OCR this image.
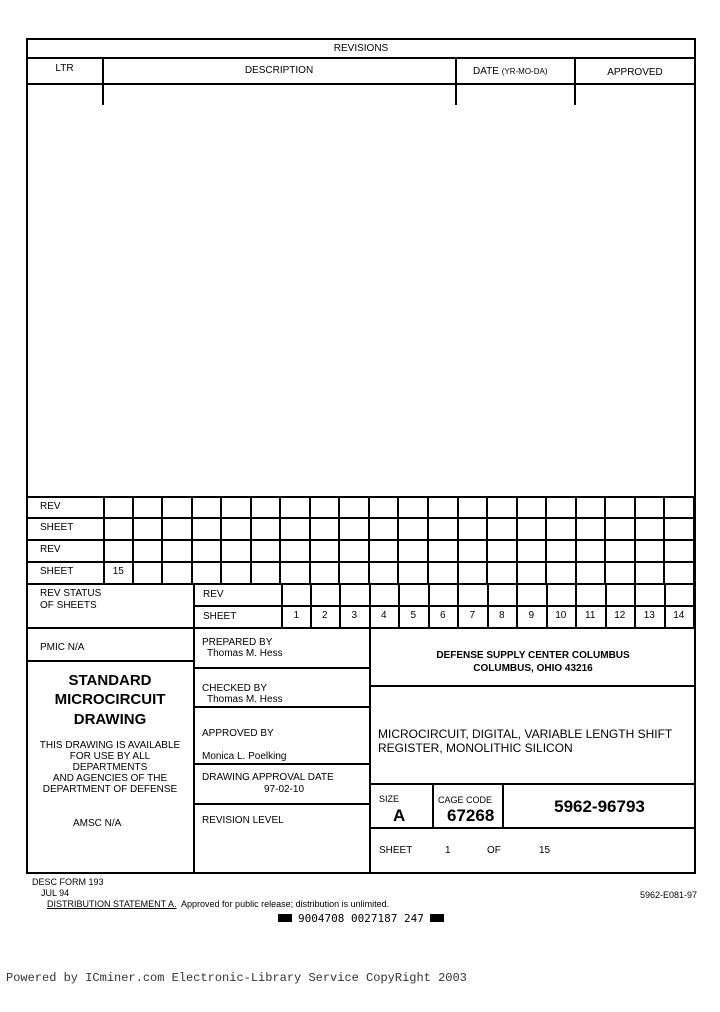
REVISIONS
LTR	DESCRIPTION	DATE (YR-MO-DA)	APPROVED
REV
SHEET
REV
SHEET	15
REV STATUS
OF SHEETS
REV
SHEET	1	2	3	4	5	6	7	8	9	10	11	12	13	14
PMIC N/A
STANDARD
MICROCIRCUIT
DRAWING
THIS DRAWING IS AVAILABLE
FOR USE BY ALL
DEPARTMENTS
AND AGENCIES OF THE
DEPARTMENT OF DEFENSE
AMSC N/A
PREPARED BY
Thomas M. Hess
CHECKED BY
Thomas M. Hess
APPROVED BY
Monica L. Poelking
DRAWING APPROVAL DATE
97-02-10
REVISION LEVEL
DEFENSE SUPPLY CENTER COLUMBUS
COLUMBUS, OHIO 43216
MICROCIRCUIT, DIGITAL, VARIABLE LENGTH SHIFT
REGISTER, MONOLITHIC SILICON
SIZE
A
CAGE CODE
67268	5962-96793
SHEET	1	OF	15
DESC FORM 193
JUL 94
DISTRIBUTION STATEMENT A. Approved for public release; distribution is unlimited.
5962-E081-97
9004708 0027187 247
Powered by ICminer.com Electronic-Library Service CopyRight 2003
